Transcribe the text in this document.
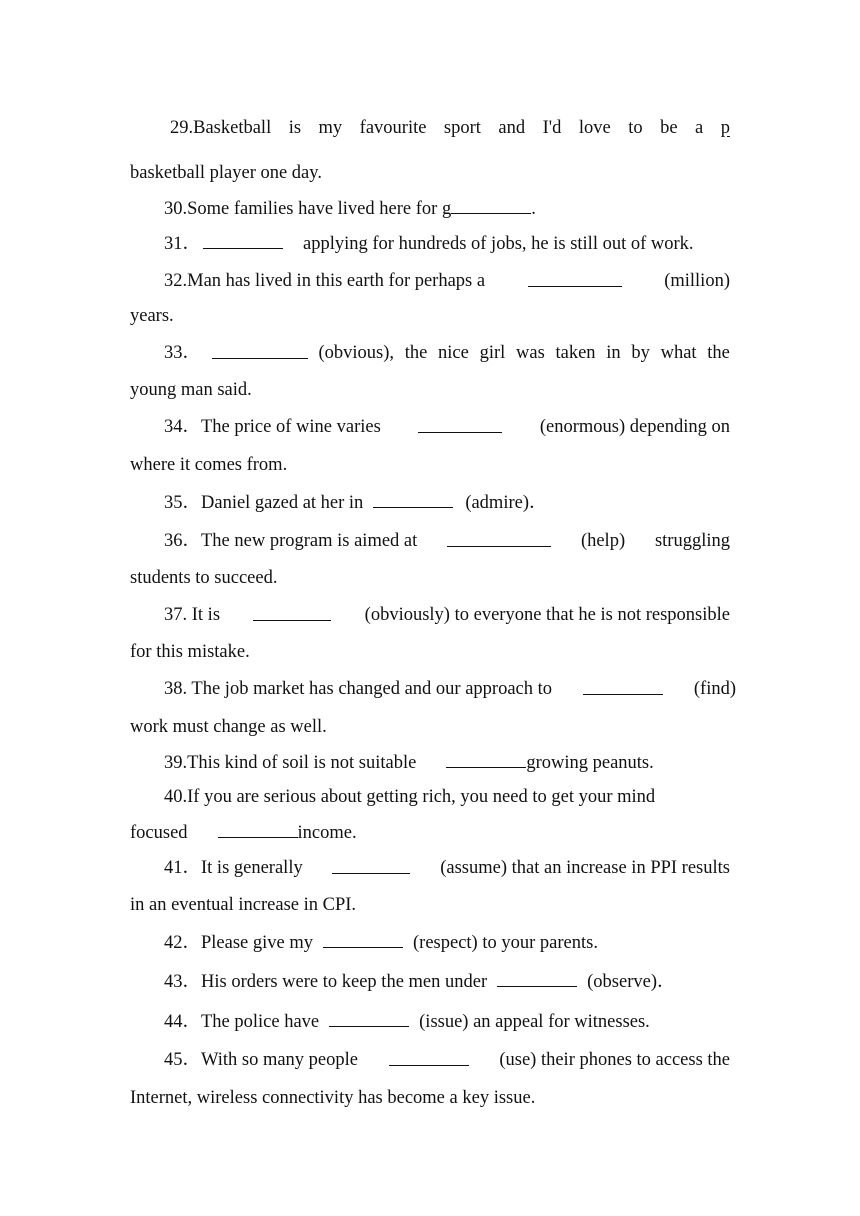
29.Basketball is my favourite sport and I'd love to be a p
basketball player one day.
30.Some families have lived here for g	.
31．	applying for hundreds of jobs, he is still out of work.
32.Man has lived in this earth for perhaps a	(million)
years.
33．	(obvious), the nice girl was taken in by what the
young man said.
34．The price of wine varies	(enormous) depending on
where it comes from.
35．Daniel gazed at her in	(admire)．
36．The new program is aimed at	(help) struggling
students to succeed.
37. It is	(obviously) to everyone that he is not responsible
for this mistake.
38. The job market has changed and our approach to	(find)
work must change as well.
39.This kind of soil is not suitable	growing peanuts.
40.If you are serious about getting rich, you need to get your mind
focused	income.
41．It is generally	(assume) that an increase in PPI results
in an eventual increase in CPI.
42．Please give my	(respect) to your parents.
43．His orders were to keep the men under	(observe)．
44．The police have	(issue) an appeal for witnesses.
45．With so many people	(use) their phones to access the
Internet, wireless connectivity has become a key issue.
